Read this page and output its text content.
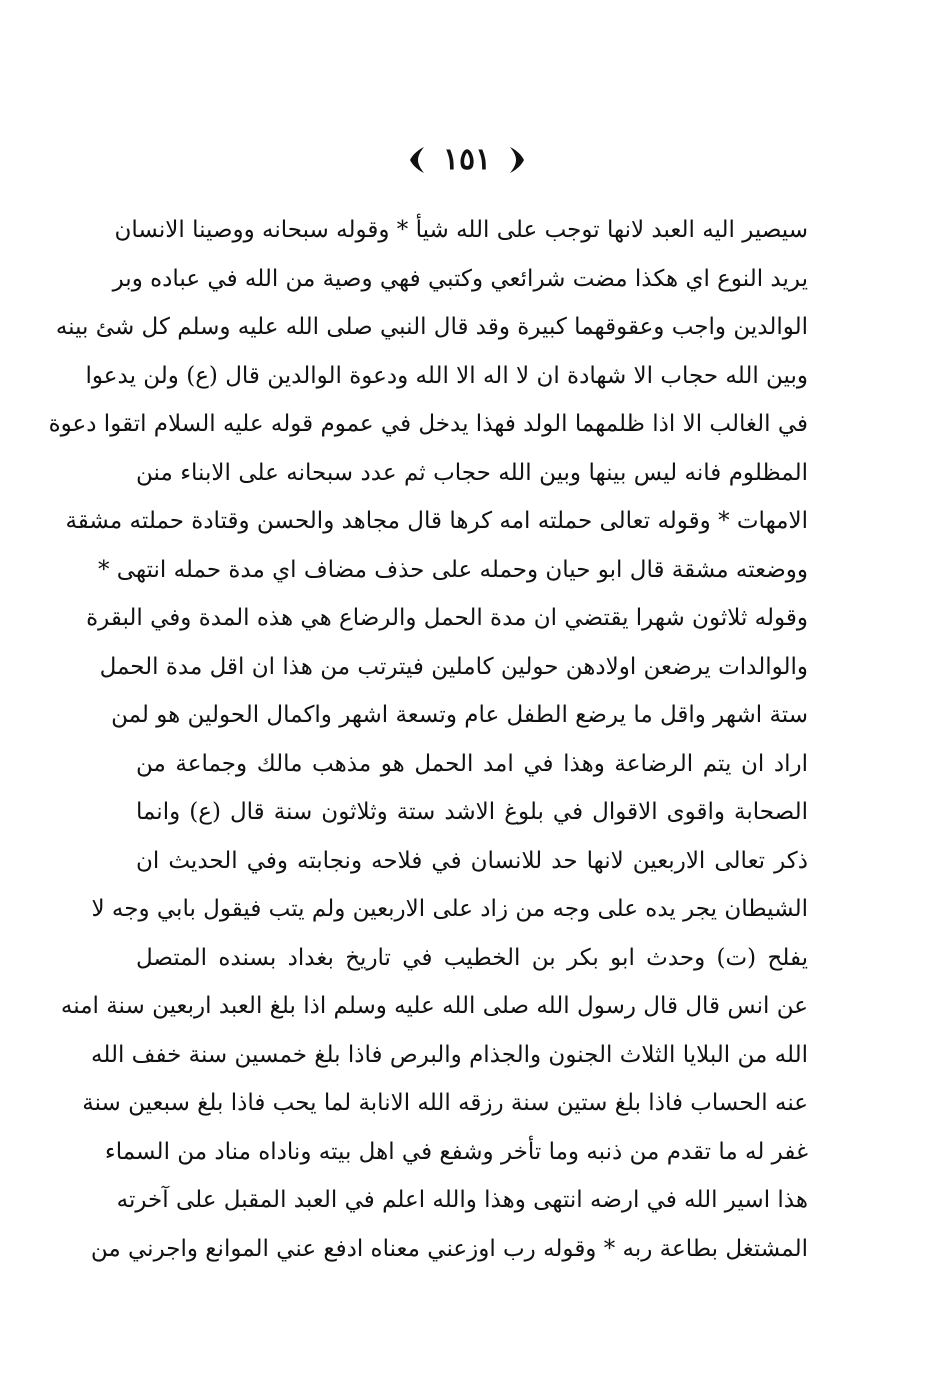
١٥١
سيصير اليه العبد لانها توجب على الله شيأ * وقوله سبحانه ووصينا الانسان
يريد النوع اي هكذا مضت شرائعي وكتبي فهي وصية من الله في عباده وبر
الوالدين واجب وعقوقهما كبيرة وقد قال النبي صلى الله عليه وسلم كل شئ بينه
وبين الله حجاب الا شهادة ان لا اله الا الله ودعوة الوالدين قال (ع) ولن يدعوا
في الغالب الا اذا ظلمهما الولد فهذا يدخل في عموم قوله عليه السلام اتقوا دعوة
المظلوم فانه ليس بينها وبين الله حجاب ثم عدد سبحانه على الابناء منن
الامهات * وقوله تعالى حملته امه كرها قال مجاهد والحسن وقتادة حملته مشقة
ووضعته مشقة قال ابو حيان وحمله على حذف مضاف اي مدة حمله انتهى *
وقوله ثلاثون شهرا يقتضي ان مدة الحمل والرضاع هي هذه المدة وفي البقرة
والوالدات يرضعن اولادهن حولين كاملين فيترتب من هذا ان اقل مدة الحمل
ستة اشهر واقل ما يرضع الطفل عام وتسعة اشهر واكمال الحولين هو لمن
اراد ان يتم الرضاعة وهذا في امد الحمل هو مذهب مالك وجماعة من
الصحابة واقوى الاقوال في بلوغ الاشد ستة وثلاثون سنة قال (ع) وانما
ذكر تعالى الاربعين لانها حد للانسان في فلاحه ونجابته وفي الحديث ان
الشيطان يجر يده على وجه من زاد على الاربعين ولم يتب فيقول بابي وجه لا
يفلح (ت) وحدث ابو بكر بن الخطيب في تاريخ بغداد بسنده المتصل
عن انس قال قال رسول الله صلى الله عليه وسلم اذا بلغ العبد اربعين سنة امنه
الله من البلايا الثلاث الجنون والجذام والبرص فاذا بلغ خمسين سنة خفف الله
عنه الحساب فاذا بلغ ستين سنة رزقه الله الانابة لما يحب فاذا بلغ سبعين سنة
غفر له ما تقدم من ذنبه وما تأخر وشفع في اهل بيته وناداه مناد من السماء
هذا اسير الله في ارضه انتهى وهذا والله اعلم في العبد المقبل على آخرته
المشتغل بطاعة ربه * وقوله رب اوزعني معناه ادفع عني الموانع واجرني من
